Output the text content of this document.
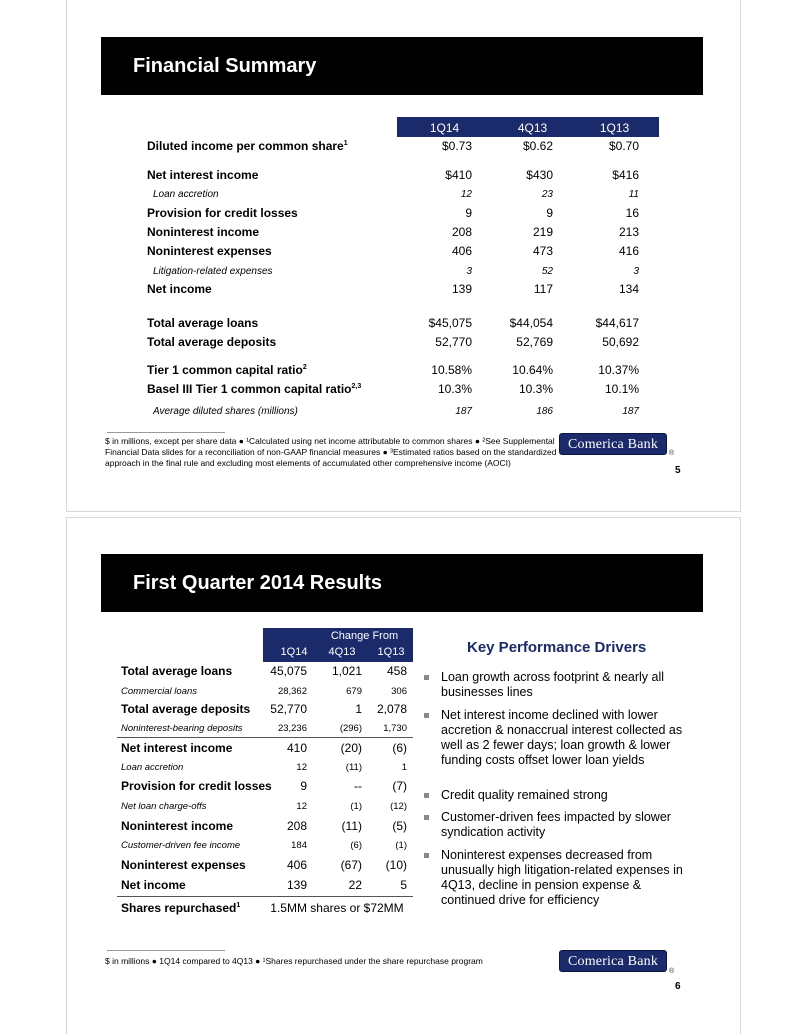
Financial Summary
1Q14	4Q13	1Q13
Diluted income per common share$^1$	$0.73	$0.62	$0.70
Net interest income	$410	$430	$416
Loan accretion	12	23	11
Provision for credit losses	9	9	16
Noninterest income	208	219	213
Noninterest expenses	406	473	416
Litigation-related expenses	3	52	3
Net income	139	117	134
Total average loans	$45,075	$44,054	$44,617
Total average deposits	52,770	52,769	50,692
Tier 1 common capital ratio$^2$	10.58%	10.64%	10.37%
Basel III Tier 1 common capital ratio$^{2,3}$	10.3%	10.3%	10.1%
Average diluted shares (millions)	187	186	187
$ in millions, except per share data ● ¹Calculated using net income attributable to common shares ● ²See Supplemental
Financial Data slides for a reconciliation of non-GAAP financial measures ● ³Estimated ratios based on the standardized
approach in the final rule and excluding most elements of accumulated other comprehensive income (AOCI)
Comerica Bank
®
5
First Quarter 2014 Results
1Q14
Change From
4Q13	1Q13
Total average loans	45,075	1,021	458
Commercial loans	28,362	679	306
Total average deposits	52,770	1	2,078
Noninterest-bearing deposits	23,236	(296)	1,730
Net interest income	410	(20)	(6)
Loan accretion	12	(11)	1
Provision for credit losses	9	--	(7)
Net loan charge-offs	12	(1)	(12)
Noninterest income	208	(11)	(5)
Customer-driven fee income	184	(6)	(1)
Noninterest expenses	406	(67)	(10)
Net income	139	22	5
Shares repurchased$^1$	1.5MM shares or $72MM
Key Performance Drivers
Loan growth across footprint & nearly all businesses lines
Net interest income declined with lower accretion & nonaccrual interest collected as well as 2 fewer days; loan growth & lower funding costs offset lower loan yields
Credit quality remained strong
Customer-driven fees impacted by slower syndication activity
Noninterest expenses decreased from unusually high litigation-related expenses in 4Q13, decline in pension expense & continued drive for efficiency
$ in millions ● 1Q14 compared to 4Q13 ● ¹Shares repurchased under the share repurchase program	Comerica Bank
®
6
